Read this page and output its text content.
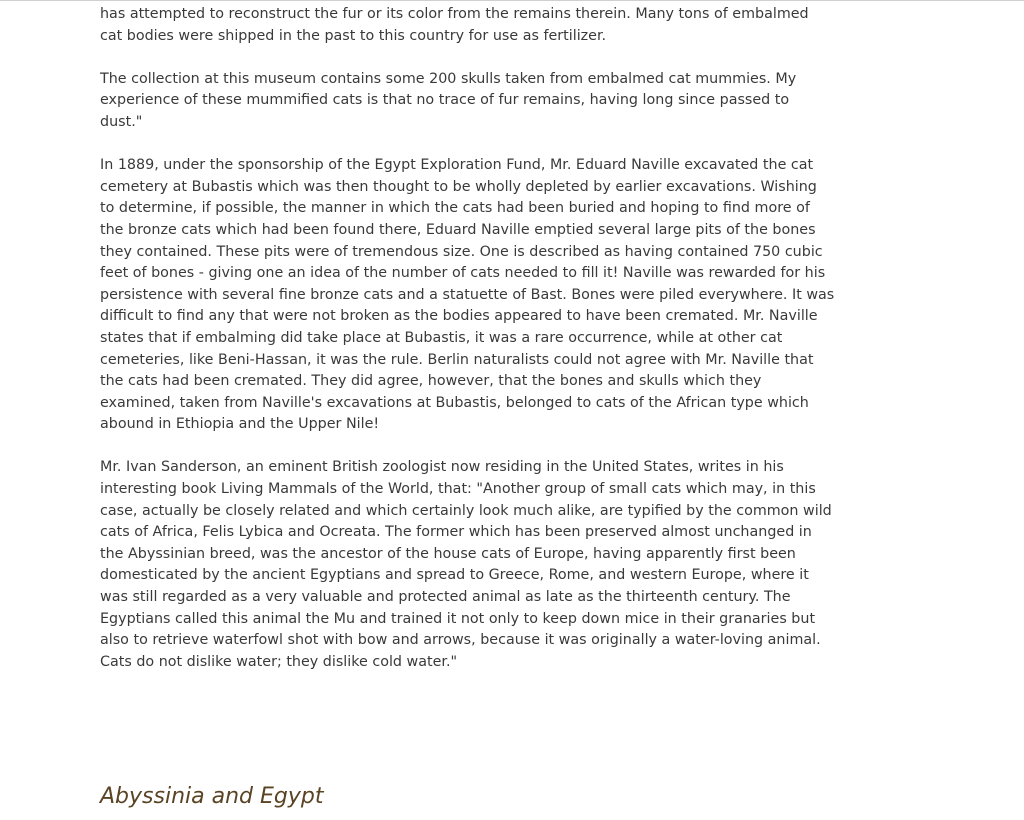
has attempted to reconstruct the fur or its color from the remains therein. Many tons of embalmed cat bodies were shipped in the past to this country for use as fertilizer.

The collection at this museum contains some 200 skulls taken from embalmed cat mummies. My experience of these mummified cats is that no trace of fur remains, having long since passed to dust."

In 1889, under the sponsorship of the Egypt Exploration Fund, Mr. Eduard Naville excavated the cat cemetery at Bubastis which was then thought to be wholly depleted by earlier excavations. Wishing to determine, if possible, the manner in which the cats had been buried and hoping to find more of the bronze cats which had been found there, Eduard Naville emptied several large pits of the bones they contained. These pits were of tremendous size. One is described as having contained 750 cubic feet of bones - giving one an idea of the number of cats needed to fill it! Naville was rewarded for his persistence with several fine bronze cats and a statuette of Bast. Bones were piled everywhere. It was difficult to find any that were not broken as the bodies appeared to have been cremated. Mr. Naville states that if embalming did take place at Bubastis, it was a rare occurrence, while at other cat cemeteries, like Beni-Hassan, it was the rule. Berlin naturalists could not agree with Mr. Naville that the cats had been cremated. They did agree, however, that the bones and skulls which they examined, taken from Naville's excavations at Bubastis, belonged to cats of the African type which abound in Ethiopia and the Upper Nile!

Mr. Ivan Sanderson, an eminent British zoologist now residing in the United States, writes in his interesting book Living Mammals of the World, that: "Another group of small cats which may, in this case, actually be closely related and which certainly look much alike, are typified by the common wild cats of Africa, Felis Lybica and Ocreata. The former which has been preserved almost unchanged in the Abyssinian breed, was the ancestor of the house cats of Europe, having apparently first been domesticated by the ancient Egyptians and spread to Greece, Rome, and western Europe, where it was still regarded as a very valuable and protected animal as late as the thirteenth century. The Egyptians called this animal the Mu and trained it not only to keep down mice in their granaries but also to retrieve waterfowl shot with bow and arrows, because it was originally a water-loving animal. Cats do not dislike water; they dislike cold water."

Abyssinia and Egypt
